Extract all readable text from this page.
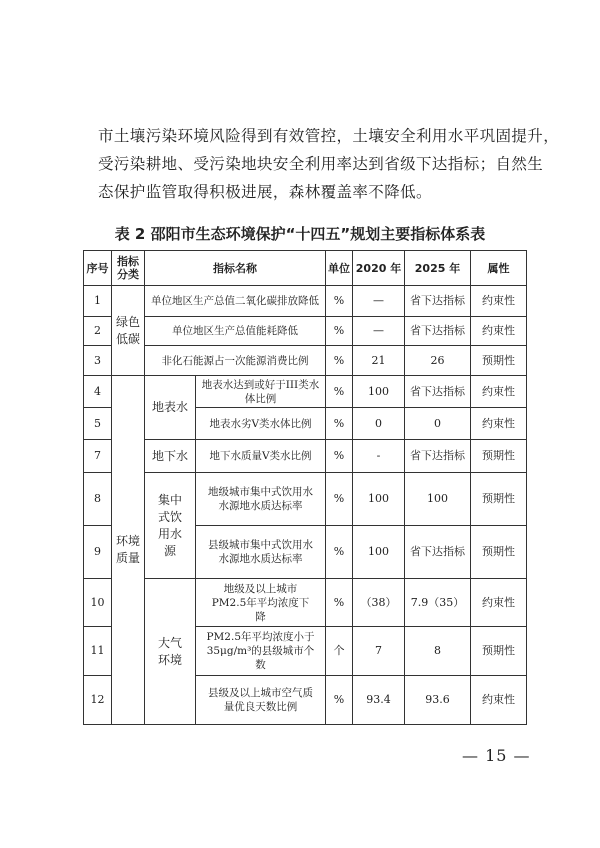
市土壤污染环境风险得到有效管控，土壤安全利用水平巩固提升，

受污染耕地、受污染地块安全利用率达到省级下达指标；自然生

态保护监管取得积极进展，森林覆盖率不降低。

表 2 邵阳市生态环境保护“十四五”规划主要指标体系表
序号	指标分类	指标名称		单位	2020 年	2025 年	属性
1	绿色低碳	单位地区生产总值二氧化碳排放降低		%	—	省下达指标	约束性
2		单位地区生产总值能耗降低		%	—	省下达指标	约束性
3		非化石能源占一次能源消费比例		%	21	26	预期性
4	环境质量	地表水	地表水达到或好于III类水体比例	%	100	省下达指标	约束性
5			地表水劣V类水体比例	%	0	0	约束性
7		地下水	地下水质量V类水比例	%	-	省下达指标	预期性
8		集中式饮用水源	地级城市集中式饮用水水源地水质达标率	%	100	100	预期性
9			县级城市集中式饮用水水源地水质达标率	%	100	省下达指标	预期性
10		大气环境	地级及以上城市PM2.5年平均浓度下降	%	（38）	7.9（35）	约束性
11			PM2.5年平均浓度小于35μg/m³的县级城市个数	个	7	8	预期性
12			县级及以上城市空气质量优良天数比例	%	93.4	93.6	约束性
— 15 —
